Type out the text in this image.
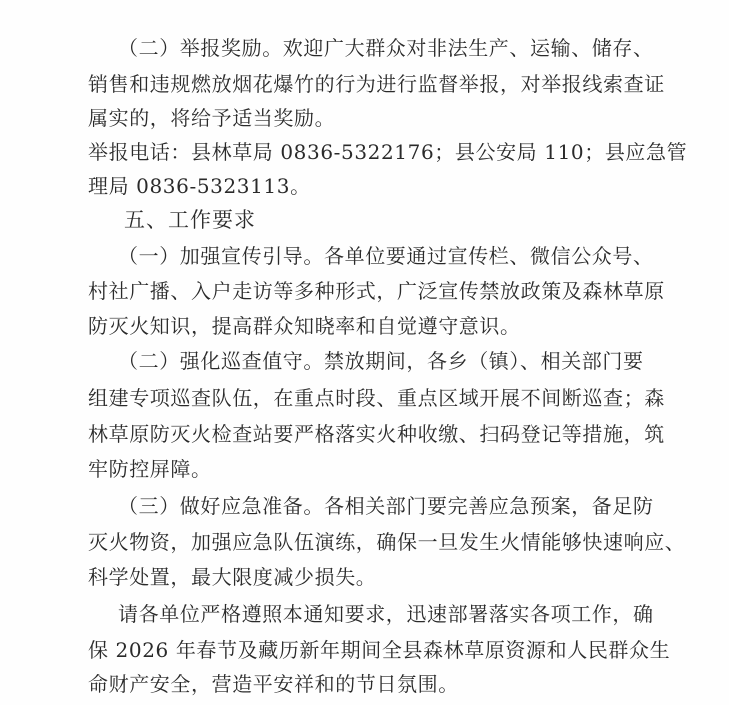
（二）举报奖励。欢迎广大群众对非法生产、运输、储存、
销售和违规燃放烟花爆竹的行为进行监督举报，对举报线索查证
属实的，将给予适当奖励。
举报电话：县林草局 0836-5322176；县公安局 110；县应急管
理局 0836-5323113。
五、工作要求
（一）加强宣传引导。各单位要通过宣传栏、微信公众号、
村社广播、入户走访等多种形式，广泛宣传禁放政策及森林草原
防灭火知识，提高群众知晓率和自觉遵守意识。
（二）强化巡查值守。禁放期间，各乡（镇）、相关部门要
组建专项巡查队伍，在重点时段、重点区域开展不间断巡查；森
林草原防灭火检查站要严格落实火种收缴、扫码登记等措施，筑
牢防控屏障。
（三）做好应急准备。各相关部门要完善应急预案，备足防
灭火物资，加强应急队伍演练，确保一旦发生火情能够快速响应、
科学处置，最大限度减少损失。
请各单位严格遵照本通知要求，迅速部署落实各项工作，确
保 2026 年春节及藏历新年期间全县森林草原资源和人民群众生
命财产安全，营造平安祥和的节日氛围。
